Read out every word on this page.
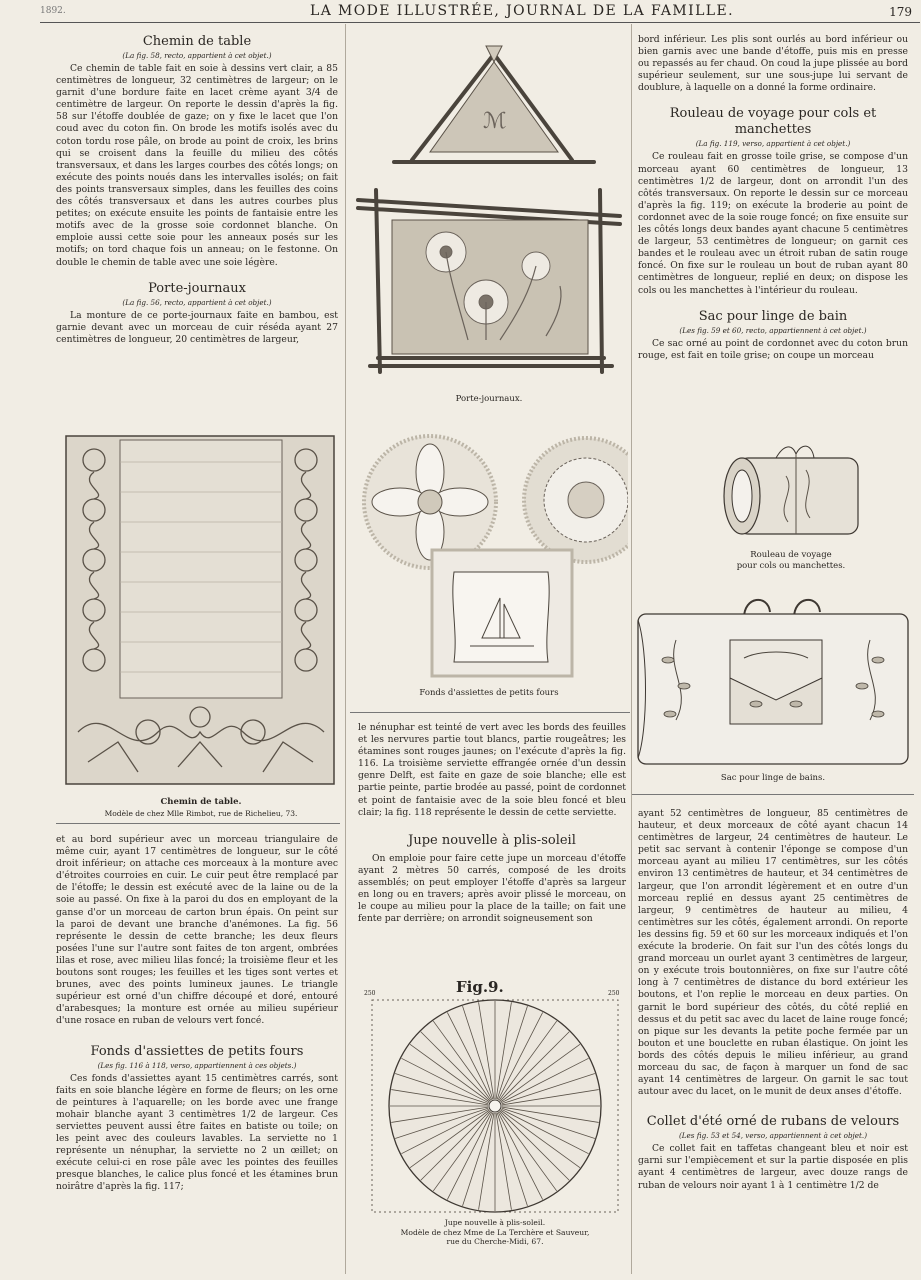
1892.	LA MODE ILLUSTRÉE, JOURNAL DE LA FAMILLE.	179
Chemin de table
(La fig. 58, recto, appartient à cet objet.)

Ce chemin de table fait en soie à dessins vert clair, a 85 centimètres de longueur, 32 centimètres de largeur; on le garnit d'une bordure faite en lacet crème ayant 3/4 de centimètre de largeur. On reporte le dessin d'après la fig. 58 sur l'étoffe doublée de gaze; on y fixe le lacet que l'on coud avec du coton fin. On brode les motifs isolés avec du coton tordu rose pâle, on brode au point de croix, les brins qui se croisent dans la feuille du milieu des côtés transversaux, et dans les larges courbes des côtés longs; on exécute des points noués dans les intervalles isolés; on fait des points transversaux simples, dans les feuilles des coins des côtés transversaux et dans les autres courbes plus petites; on exécute ensuite les points de fantaisie entre les motifs avec de la grosse soie cordonnet blanche. On emploie aussi cette soie pour les anneaux posés sur les motifs; on tord chaque fois un anneau; on le festonne. On double le chemin de table avec une soie légère.

Porte-journaux
(La fig. 56, recto, appartient à cet objet.)

La monture de ce porte-journaux faite en bambou, est garnie devant avec un morceau de cuir réséda ayant 27 centimètres de longueur, 20 centimètres de largeur,

Chemin de table.
Modèle de chez Mlle Rimbot, rue de Richelieu, 73.

et au bord supérieur avec un morceau triangulaire de même cuir, ayant 17 centimètres de longueur, sur le côté droit inférieur; on attache ces morceaux à la monture avec d'étroites courroies en cuir. Le cuir peut être remplacé par de l'étoffe; le dessin est exécuté avec de la laine ou de la soie au passé. On fixe à la paroi du dos en employant de la ganse d'or un morceau de carton brun épais. On peint sur la paroi de devant une branche d'anémones. La fig. 56 représente le dessin de cette branche; les deux fleurs posées l'une sur l'autre sont faites de ton argent, ombrées lilas et rose, avec milieu lilas foncé; la troisième fleur et les boutons sont rouges; les feuilles et les tiges sont vertes et brunes, avec des points lumineux jaunes. Le triangle supérieur est orné d'un chiffre découpé et doré, entouré d'arabesques; la monture est ornée au milieu supérieur d'une rosace en ruban de velours vert foncé.

Fonds d'assiettes de petits fours
(Les fig. 116 à 118, verso, appartiennent à ces objets.)

Ces fonds d'assiettes ayant 15 centimètres carrés, sont faits en soie blanche légère en forme de fleurs; on les orne de peintures à l'aquarelle; on les borde avec une frange mohair blanche ayant 3 centimètres 1/2 de largeur. Ces serviettes peuvent aussi être faites en batiste ou toile; on les peint avec des couleurs lavables. La serviette no 1 représente un nénuphar, la serviette no 2 un œillet; on exécute celui-ci en rose pâle avec les pointes des feuilles presque blanches, le calice plus foncé et les étamines brun noirâtre d'après la fig. 117;

ℳ
Porte-journaux.
Fonds d'assiettes de petits fours

le nénuphar est teinté de vert avec les bords des feuilles et les nervures partie tout blancs, partie rougeâtres; les étamines sont rouges jaunes; on l'exécute d'après la fig. 116. La troisième serviette effrangée ornée d'un dessin genre Delft, est faite en gaze de soie blanche; elle est partie peinte, partie brodée au passé, point de cordonnet et point de fantaisie avec de la soie bleu foncé et bleu clair; la fig. 118 représente le dessin de cette serviette.

Jupe nouvelle à plis-soleil

On emploie pour faire cette jupe un morceau d'étoffe ayant 2 mètres 50 carrés, composé de les droits assemblés; on peut employer l'étoffe d'après sa largeur en long ou en travers; après avoir plissé le morceau, on le coupe au milieu pour la place de la taille; on fait une fente par derrière; on arrondit soigneusement son

Fig.9.
250	250
Jupe nouvelle à plis-soleil.
Modèle de chez Mme de La Terchère et Sauveur,
rue du Cherche-Midi, 67.

bord inférieur. Les plis sont ourlés au bord inférieur ou bien garnis avec une bande d'étoffe, puis mis en presse ou repassés au fer chaud. On coud la jupe plissée au bord supérieur seulement, sur une sous-jupe lui servant de doublure, à laquelle on a donné la forme ordinaire.

Rouleau de voyage pour cols et manchettes
(La fig. 119, verso, appartient à cet objet.)

Ce rouleau fait en grosse toile grise, se compose d'un morceau ayant 60 centimètres de longueur, 13 centimètres 1/2 de largeur, dont on arrondit l'un des côtés transversaux. On reporte le dessin sur ce morceau d'après la fig. 119; on exécute la broderie au point de cordonnet avec de la soie rouge foncé; on fixe ensuite sur les côtés longs deux bandes ayant chacune 5 centimètres de largeur, 53 centimètres de longueur; on garnit ces bandes et le rouleau avec un étroit ruban de satin rouge foncé. On fixe sur le rouleau un bout de ruban ayant 80 centimètres de longueur, replié en deux; on dispose les cols ou les manchettes à l'intérieur du rouleau.

Sac pour linge de bain
(Les fig. 59 et 60, recto, appartiennent à cet objet.)

Ce sac orné au point de cordonnet avec du coton brun rouge, est fait en toile grise; on coupe un morceau

Rouleau de voyage
pour cols ou manchettes.
Sac pour linge de bains.

ayant 52 centimètres de longueur, 85 centimètres de hauteur, et deux morceaux de côté ayant chacun 14 centimètres de largeur, 24 centimètres de hauteur. Le petit sac servant à contenir l'éponge se compose d'un morceau ayant au milieu 17 centimètres, sur les côtés environ 13 centimètres de hauteur, et 34 centimètres de largeur, que l'on arrondit légèrement et en outre d'un morceau replié en dessus ayant 25 centimètres de largeur, 9 centimètres de hauteur au milieu, 4 centimètres sur les côtés, également arrondi. On reporte les dessins fig. 59 et 60 sur les morceaux indiqués et l'on exécute la broderie. On fait sur l'un des côtés longs du grand morceau un ourlet ayant 3 centimètres de largeur, on y exécute trois boutonnières, on fixe sur l'autre côté long à 7 centimètres de distance du bord extérieur les boutons, et l'on replie le morceau en deux parties. On garnit le bord supérieur des côtés, du côté replié en dessus et du petit sac avec du lacet de laine rouge foncé; on pique sur les devants la petite poche fermée par un bouton et une bouclette en ruban élastique. On joint les bords des côtés depuis le milieu inférieur, au grand morceau du sac, de façon à marquer un fond de sac ayant 14 centimètres de largeur. On garnit le sac tout autour avec du lacet, on le munit de deux anses d'étoffe.

Collet d'été orné de rubans de velours
(Les fig. 53 et 54, verso, appartiennent à cet objet.)

Ce collet fait en taffetas changeant bleu et noir est garni sur l'empiècement et sur la partie disposée en plis ayant 4 centimètres de largeur, avec douze rangs de ruban de velours noir ayant 1 à 1 centimètre 1/2 de
